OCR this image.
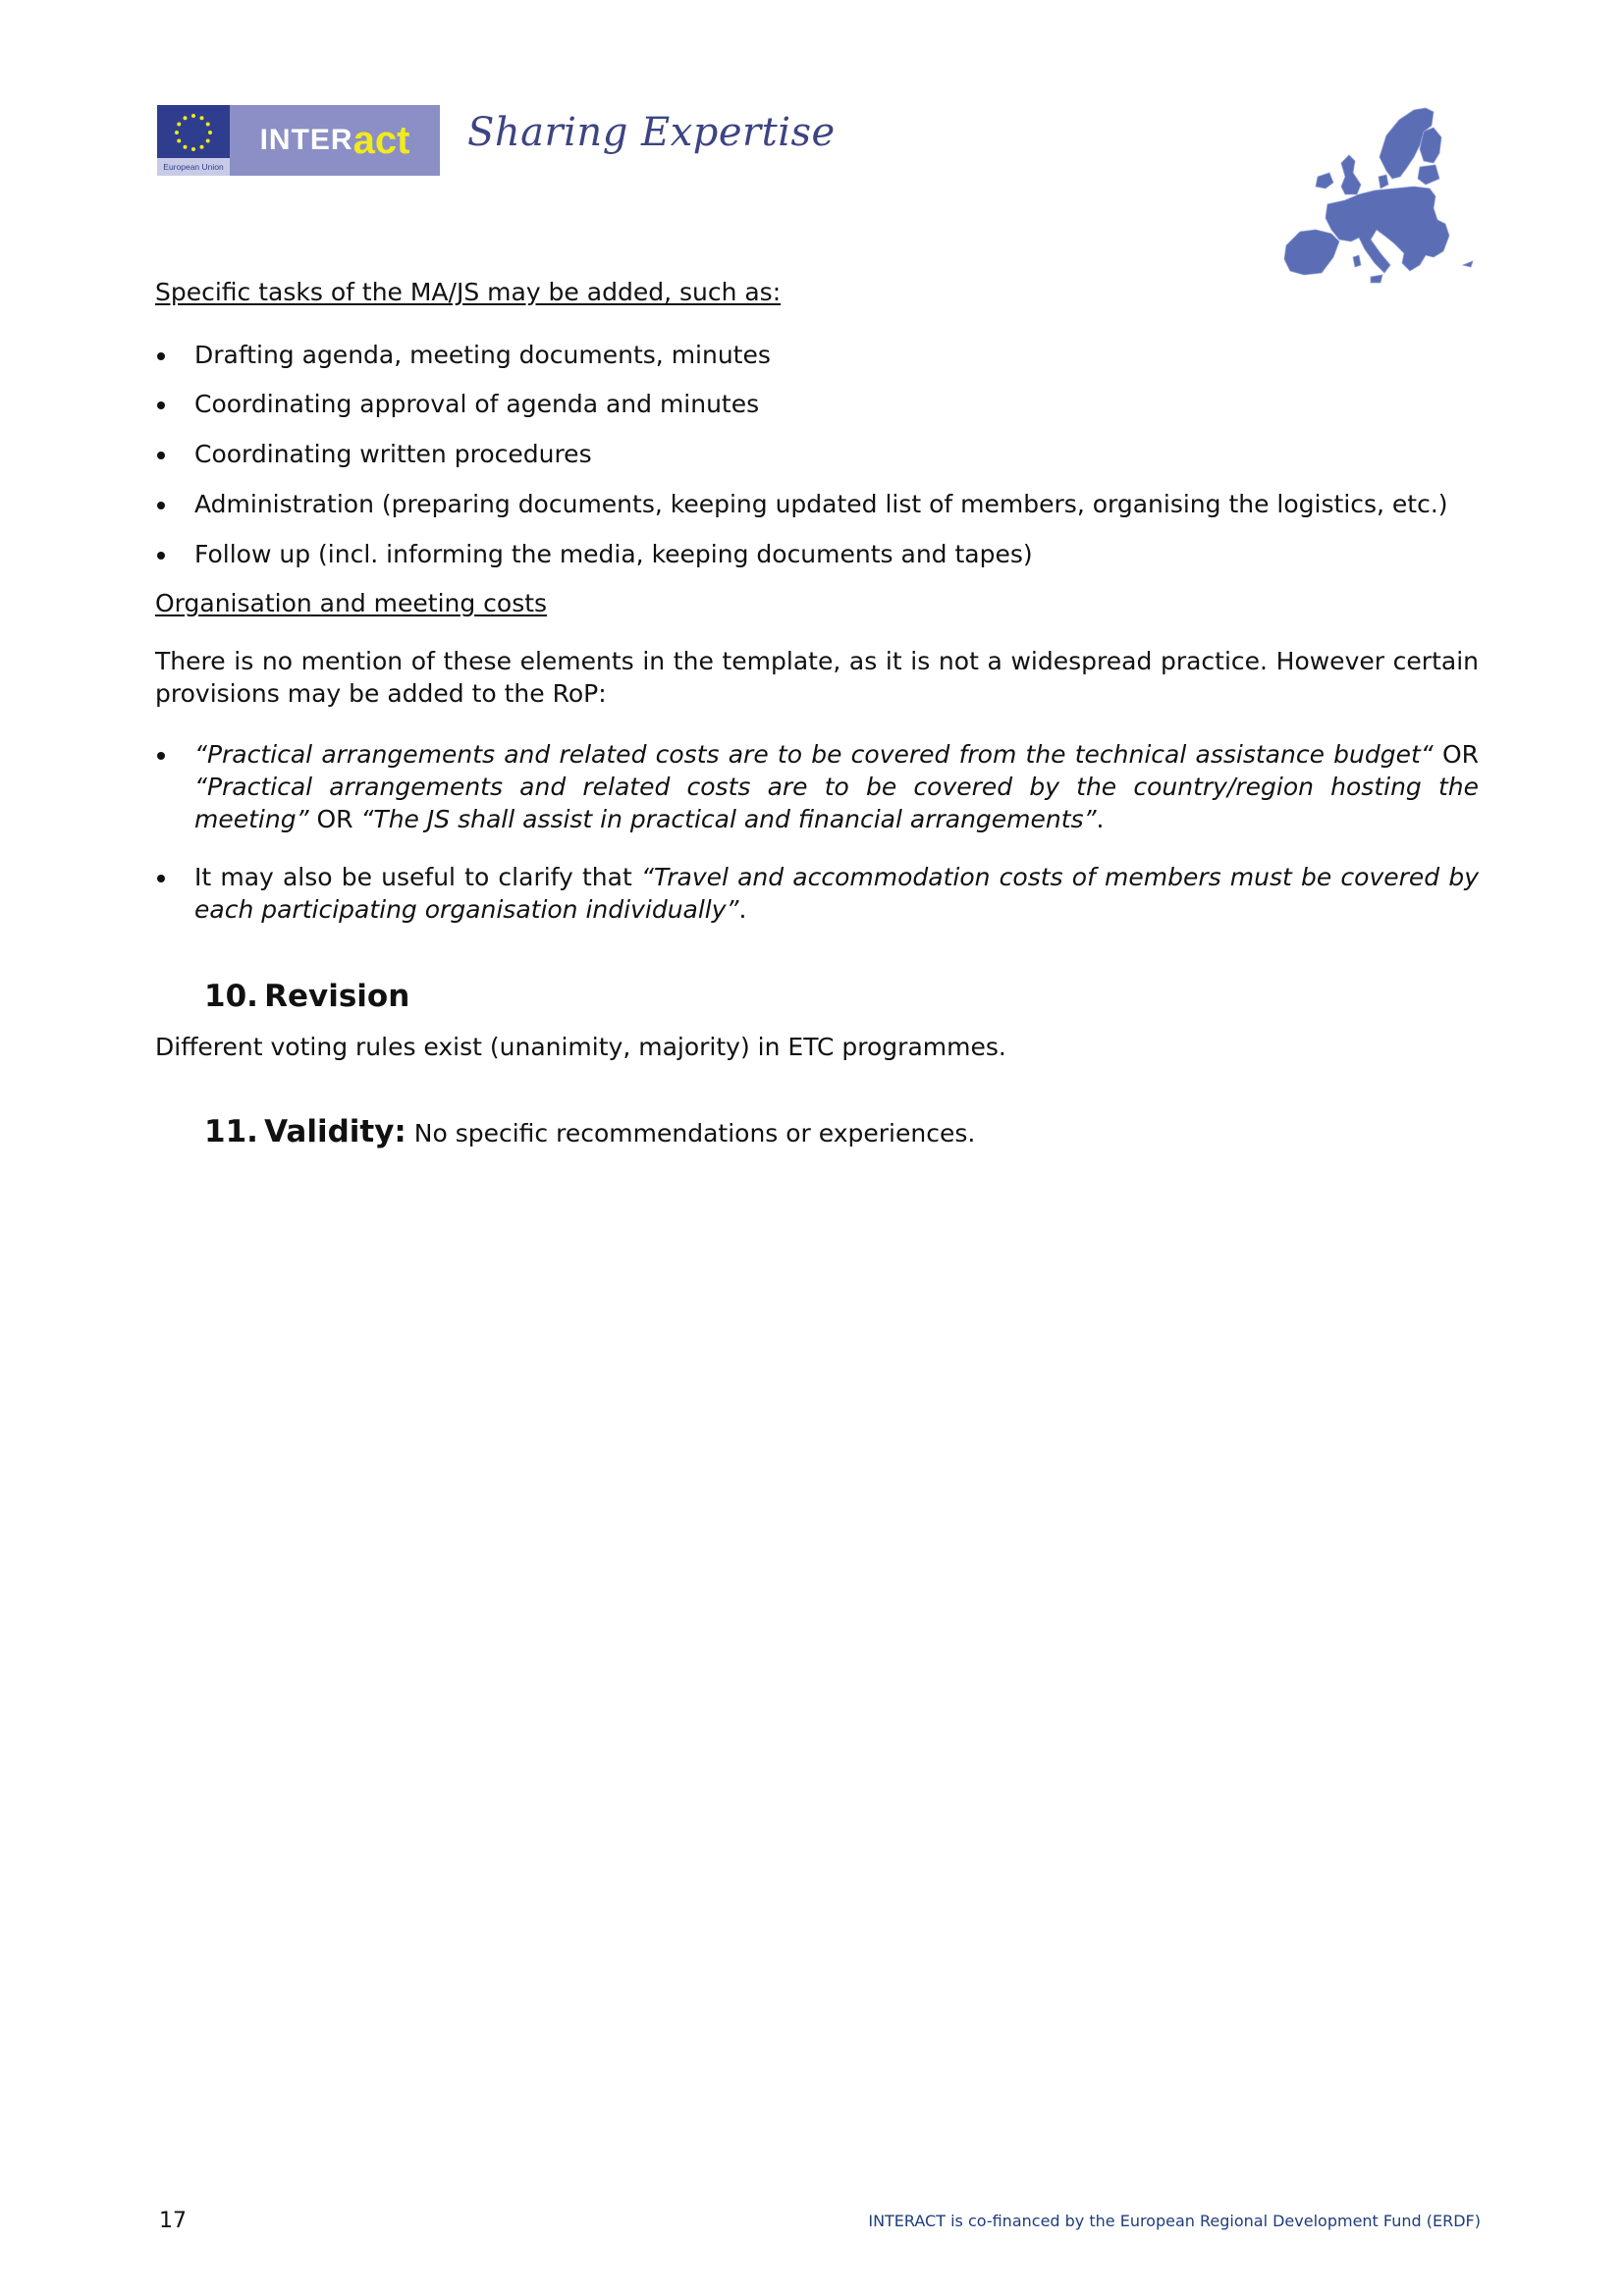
European Union
INTER act Sharing Expertise
Specific tasks of the MA/JS may be added, such as:
Drafting agenda, meeting documents, minutes
Coordinating approval of agenda and minutes
Coordinating written procedures
Administration (preparing documents, keeping updated list of members, organising the logistics, etc.)
Follow up (incl. informing the media, keeping documents and tapes)
Organisation and meeting costs
There is no mention of these elements in the template, as it is not a widespread practice. However certain provisions may be added to the RoP:
“Practical arrangements and related costs are to be covered from the technical assistance budget“ OR “Practical arrangements and related costs are to be covered by the country/region hosting the meeting” OR “The JS shall assist in practical and financial arrangements”.
It may also be useful to clarify that “Travel and accommodation costs of members must be covered by each participating organisation individually”.
10. Revision
Different voting rules exist (unanimity, majority) in ETC programmes.
11. Validity: No specific recommendations or experiences.
17	INTERACT is co-financed by the European Regional Development Fund (ERDF)
